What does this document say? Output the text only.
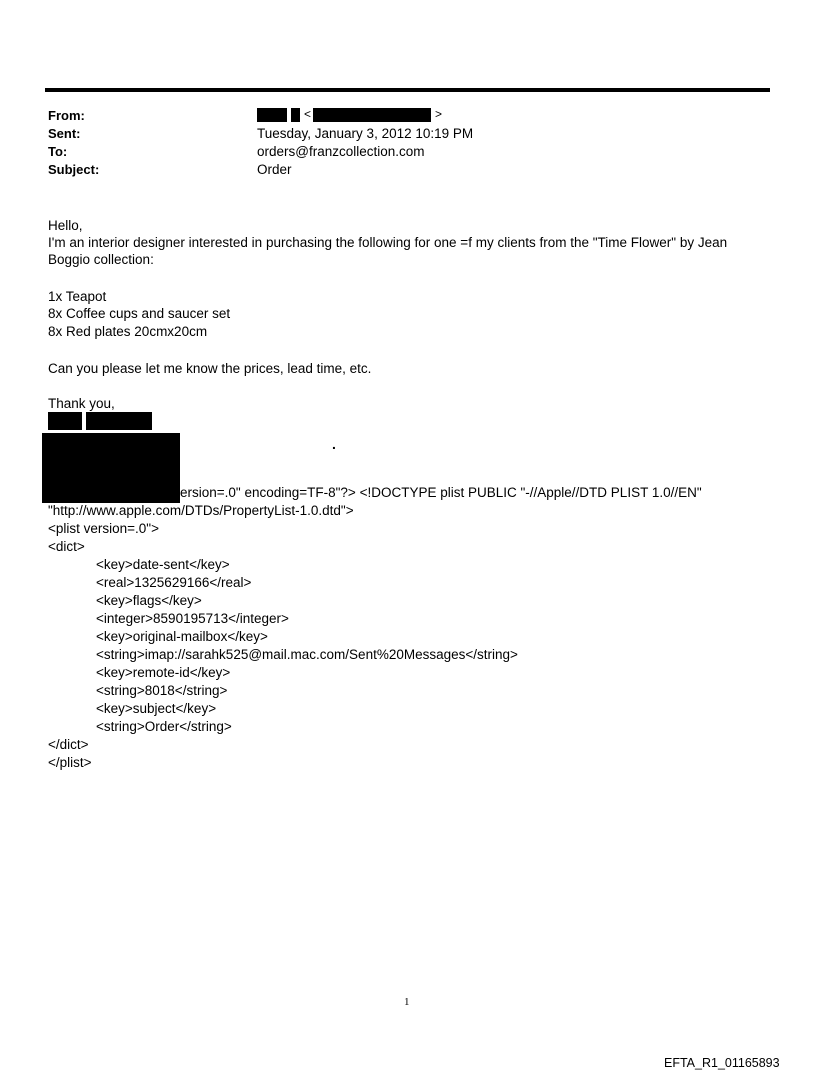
From:
Sent:
To:
Subject:
<	>
Tuesday, January 3, 2012 10:19 PM
orders@franzcollection.com
Order
Hello,
I'm an interior designer interested in purchasing the following for one =f my clients from the "Time Flower" by Jean
Boggio collection:
1x Teapot
8x Coffee cups and saucer set
8x Red plates 20cmx20cm
Can you please let me know the prices, lead time, etc.
Thank you,
.
ersion=.0" encoding=TF-8"?> <!DOCTYPE plist PUBLIC "-//Apple//DTD PLIST 1.0//EN"
"http://www.apple.com/DTDs/PropertyList-1.0.dtd">
<plist version=.0">
<dict>
<key>date-sent</key>
<real>1325629166</real>
<key>flags</key>
<integer>8590195713</integer>
<key>original-mailbox</key>
<string>imap://sarahk525@mail.mac.com/Sent%20Messages</string>
<key>remote-id</key>
<string>8018</string>
<key>subject</key>
<string>Order</string>
</dict>
</plist>
1
EFTA_R1_01165893
